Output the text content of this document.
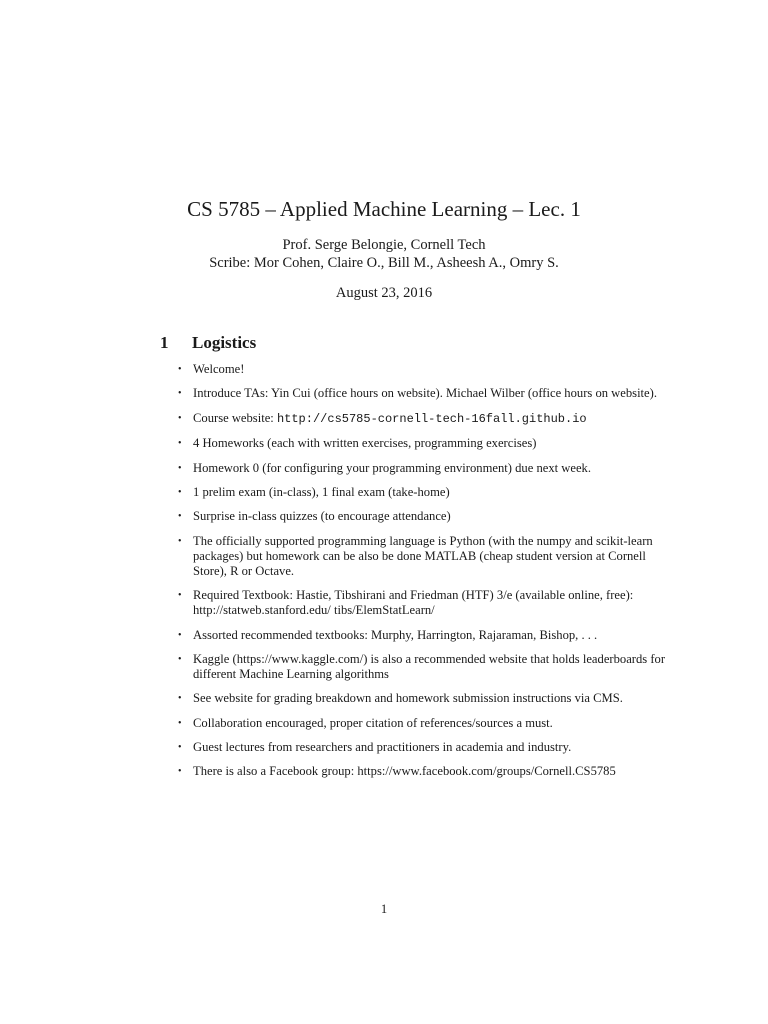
CS 5785 – Applied Machine Learning – Lec. 1
Prof. Serge Belongie, Cornell Tech
Scribe: Mor Cohen, Claire O., Bill M., Asheesh A., Omry S.
August 23, 2016
1 Logistics
• Welcome!
• Introduce TAs: Yin Cui (office hours on website). Michael Wilber (office hours on website).
• Course website: http://cs5785-cornell-tech-16fall.github.io
• 4 Homeworks (each with written exercises, programming exercises)
• Homework 0 (for configuring your programming environment) due next week.
• 1 prelim exam (in-class), 1 final exam (take-home)
• Surprise in-class quizzes (to encourage attendance)
• The officially supported programming language is Python (with the numpy and scikit-learn packages) but homework can be also be done MATLAB (cheap student version at Cornell Store), R or Octave.
• Required Textbook: Hastie, Tibshirani and Friedman (HTF) 3/e (available online, free): http://statweb.stanford.edu/ tibs/ElemStatLearn/
• Assorted recommended textbooks: Murphy, Harrington, Rajaraman, Bishop, . . .
• Kaggle (https://www.kaggle.com/) is also a recommended website that holds leaderboards for different Machine Learning algorithms
• See website for grading breakdown and homework submission instructions via CMS.
• Collaboration encouraged, proper citation of references/sources a must.
• Guest lectures from researchers and practitioners in academia and industry.
• There is also a Facebook group: https://www.facebook.com/groups/Cornell.CS5785
1
